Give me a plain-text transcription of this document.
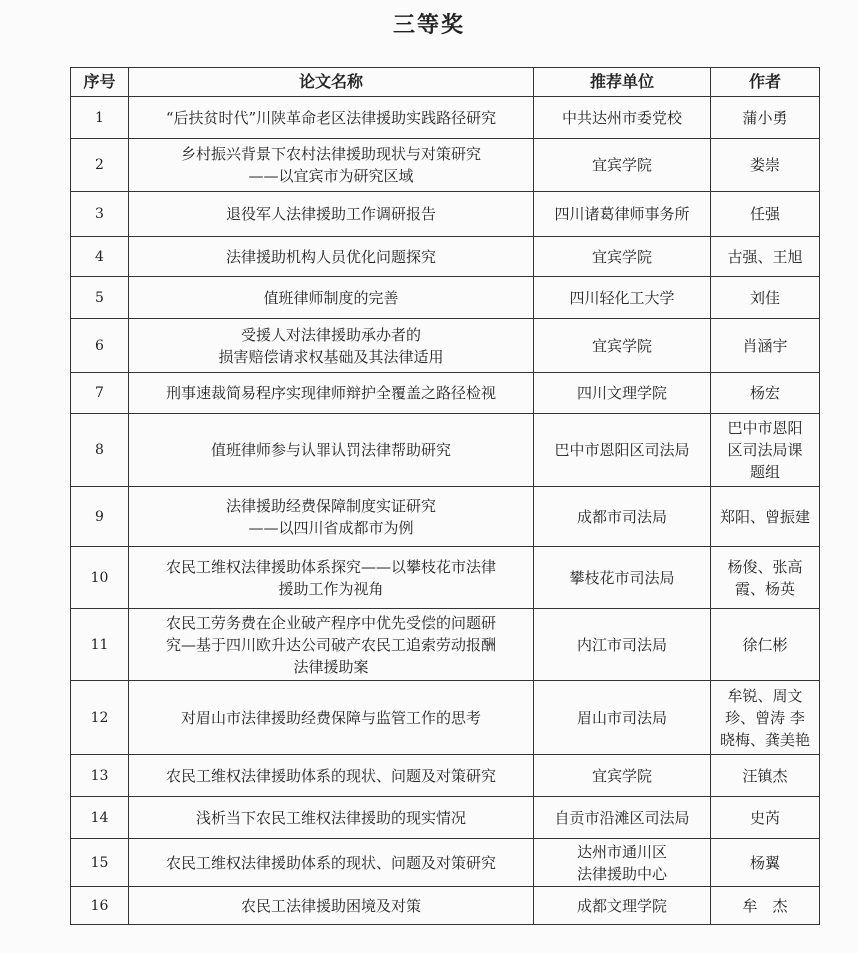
三等奖
序号	论文名称	推荐单位	作者
1	“后扶贫时代”川陕革命老区法律援助实践路径研究	中共达州市委党校	蒲小勇

2	乡村振兴背景下农村法律援助现状与对策研究
——以宜宾市为研究区域	宜宾学院	娄崇

3	退役军人法律援助工作调研报告	四川诸葛律师事务所	任强

4	法律援助机构人员优化问题探究	宜宾学院	古强、王旭

5	值班律师制度的完善	四川轻化工大学	刘佳

6	受援人对法律援助承办者的
损害赔偿请求权基础及其法律适用	宜宾学院	肖涵宇

7	刑事速裁简易程序实现律师辩护全覆盖之路径检视	四川文理学院	杨宏

8	值班律师参与认罪认罚法律帮助研究	巴中市恩阳区司法局	巴中市恩阳
区司法局课
题组

9	法律援助经费保障制度实证研究
——以四川省成都市为例	成都市司法局	郑阳、曾振建

10	农民工维权法律援助体系探究——以攀枝花市法律
援助工作为视角	攀枝花市司法局	杨俊、张高
霞、杨英

11	农民工劳务费在企业破产程序中优先受偿的问题研
究—基于四川欧升达公司破产农民工追索劳动报酬
法律援助案	内江市司法局	徐仁彬

12	对眉山市法律援助经费保障与监管工作的思考	眉山市司法局	牟锐、周文
珍、曾涛 李
晓梅、龚美艳

13	农民工维权法律援助体系的现状、问题及对策研究	宜宾学院	汪镇杰

14	浅析当下农民工维权法律援助的现实情况	自贡市沿滩区司法局	史芮

15	农民工维权法律援助体系的现状、问题及对策研究	达州市通川区
法律援助中心	杨翼

16	农民工法律援助困境及对策	成都文理学院	牟　杰
